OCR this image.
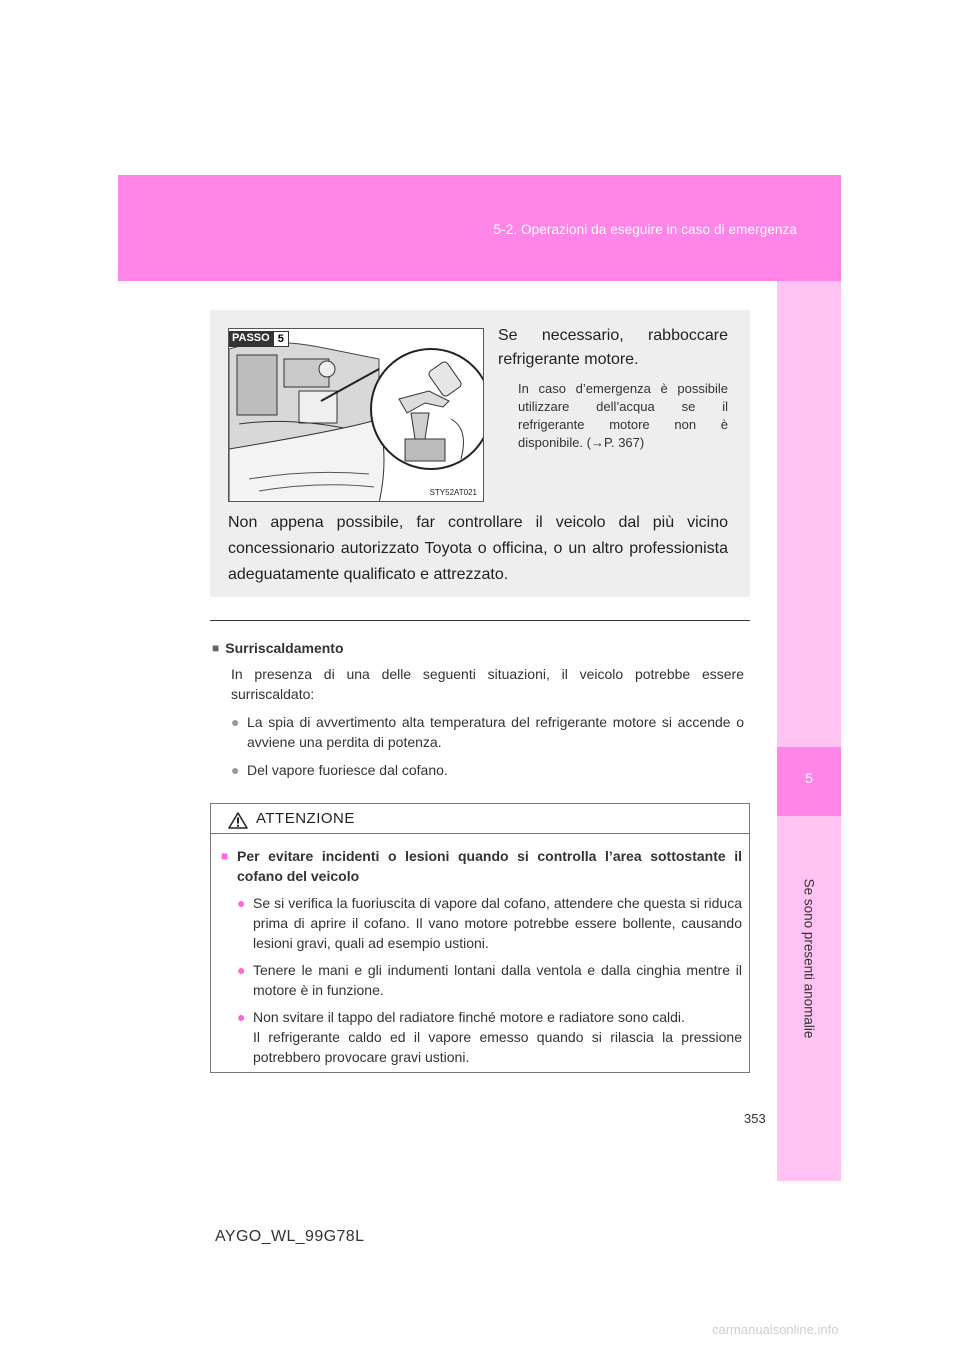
5-2. Operazioni da eseguire in caso di emergenza
5
Se sono presenti anomalie
PASSO 5
STY52AT021
Se necessario, rabboccare refrigerante motore.
In caso d’emergenza è possibile utilizzare dell’acqua se il refrigerante motore non è disponibile. (→P. 367)
Non appena possibile, far controllare il veicolo dal più vicino concessionario autorizzato Toyota o officina, o un altro professionista adeguatamente qualificato e attrezzato.
■ Surriscaldamento
In presenza di una delle seguenti situazioni, il veicolo potrebbe essere surriscaldato:
● La spia di avvertimento alta temperatura del refrigerante motore si accende o avviene una perdita di potenza.
● Del vapore fuoriesce dal cofano.
ATTENZIONE
■ Per evitare incidenti o lesioni quando si controlla l’area sottostante il cofano del veicolo
● Se si verifica la fuoriuscita di vapore dal cofano, attendere che questa si riduca prima di aprire il cofano. Il vano motore potrebbe essere bollente, causando lesioni gravi, quali ad esempio ustioni.
● Tenere le mani e gli indumenti lontani dalla ventola e dalla cinghia mentre il motore è in funzione.
● Non svitare il tappo del radiatore finché motore e radiatore sono caldi.
Il refrigerante caldo ed il vapore emesso quando si rilascia la pressione potrebbero provocare gravi ustioni.
353
AYGO_WL_99G78L
carmanualsonline.info
